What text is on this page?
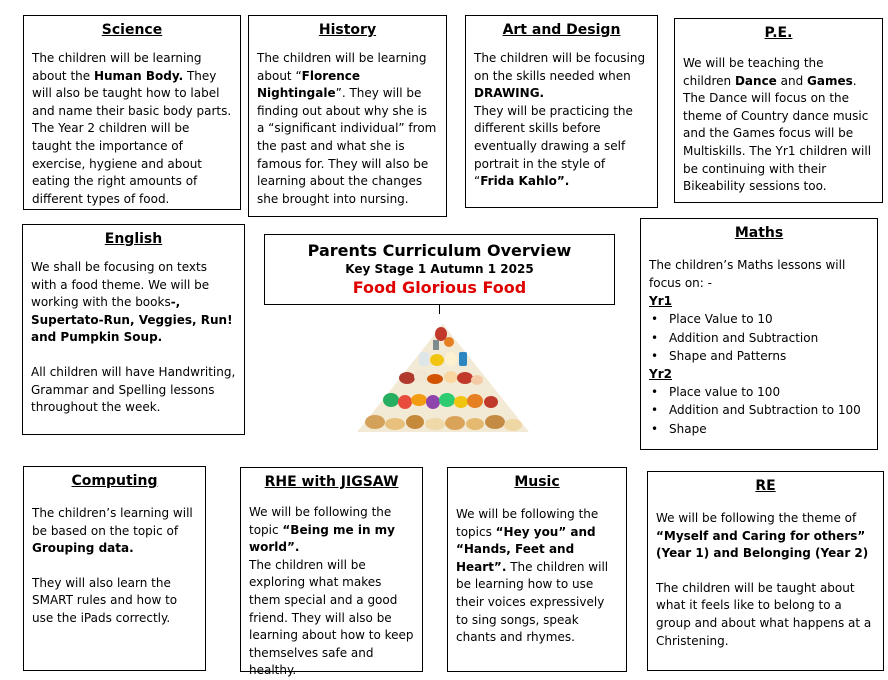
Science

The children will be learning about the Human Body. They will also be taught how to label and name their basic body parts. The Year 2 children will be taught the importance of exercise, hygiene and about eating the right amounts of different types of food.

History

The children will be learning about “Florence Nightingale”. They will be finding out about why she is a “significant individual” from the past and what she is famous for. They will also be learning about the changes she brought into nursing.

Art and Design

The children will be focusing on the skills needed when DRAWING.
They will be practicing the different skills before eventually drawing a self portrait in the style of “Frida Kahlo”.

P.E.

We will be teaching the children Dance and Games. The Dance will focus on the theme of Country dance music and the Games focus will be Multiskills. The Yr1 children will be continuing with their Bikeability sessions too.

English

We shall be focusing on texts with a food theme. We will be working with the books-, Supertato-Run, Veggies, Run! and Pumpkin Soup.

All children will have Handwriting, Grammar and Spelling lessons throughout the week.

Parents Curriculum Overview
Key Stage 1 Autumn 1 2025
Food Glorious Food
Maths

The children’s Maths lessons will focus on: -

Yr1
• Place Value to 10
• Addition and Subtraction
• Shape and Patterns
Yr2
• Place value to 100
• Addition and Subtraction to 100
• Shape
Computing

The children’s learning will be based on the topic of Grouping data.

They will also learn the SMART rules and how to use the iPads correctly.

RHE with JIGSAW

We will be following the topic “Being me in my world”.
The children will be exploring what makes them special and a good friend. They will also be learning about how to keep themselves safe and healthy.

Music

We will be following the topics “Hey you” and “Hands, Feet and Heart”. The children will be learning how to use their voices expressively to sing songs, speak chants and rhymes.

RE

We will be following the theme of “Myself and Caring for others” (Year 1) and Belonging (Year 2)

The children will be taught about what it feels like to belong to a group and about what happens at a Christening.
